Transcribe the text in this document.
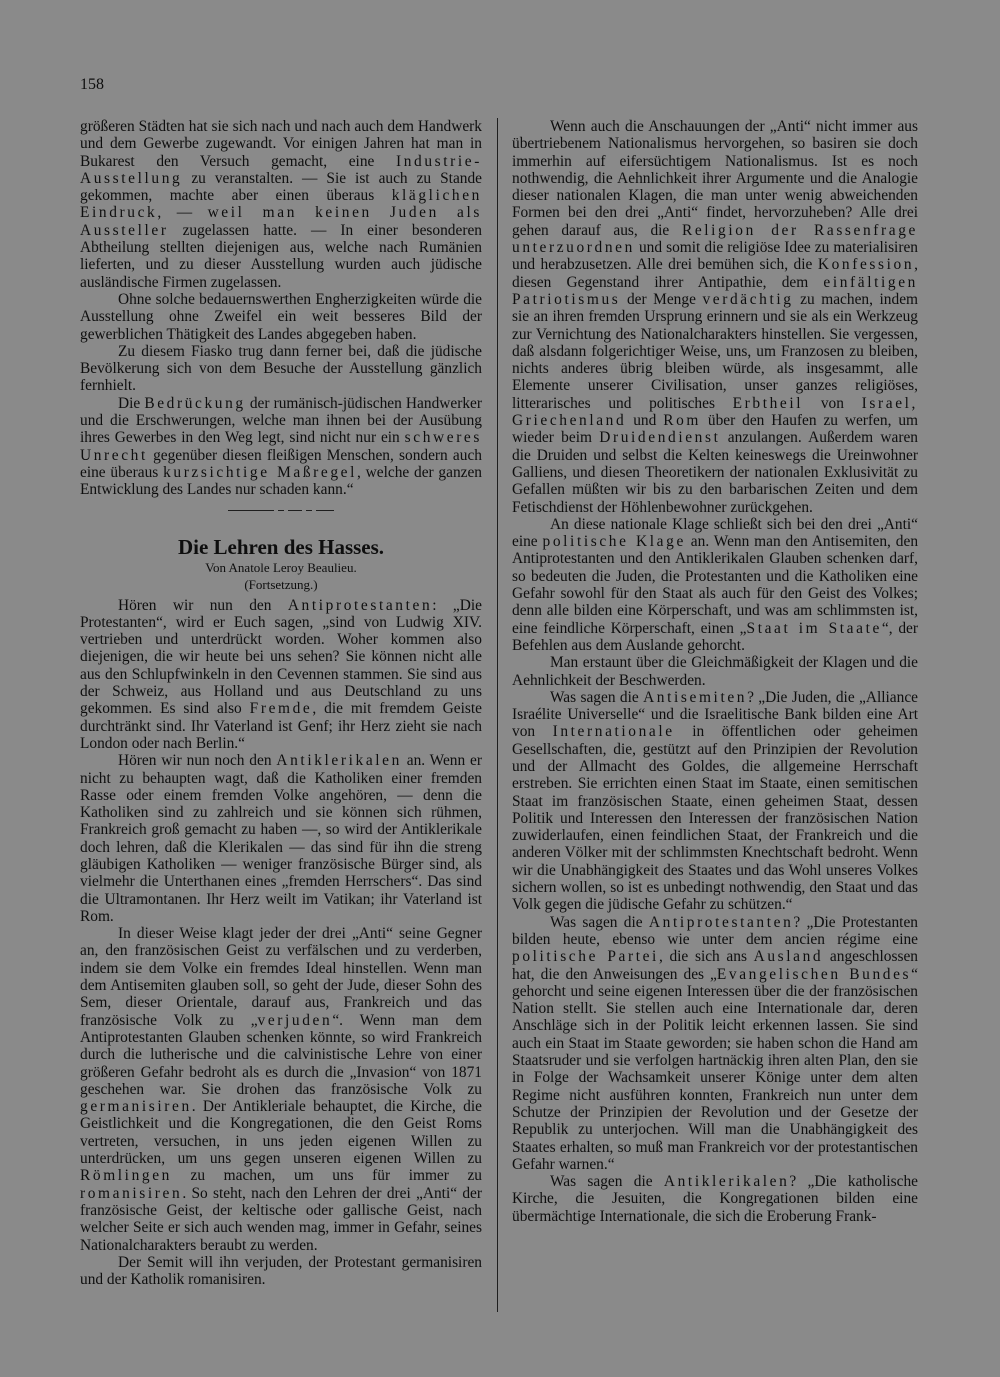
158

größeren Städten hat sie sich nach und nach auch dem Handwerk und dem Gewerbe zugewandt. Vor einigen Jahren hat man in Bukarest den Versuch gemacht, eine Industrie-Ausstellung zu veranstalten. — Sie ist auch zu Stande gekommen, machte aber einen überaus kläglichen Eindruck, — weil man keinen Juden als Aussteller zugelassen hatte. — In einer besonderen Abtheilung stellten diejenigen aus, welche nach Rumänien lieferten, und zu dieser Ausstellung wurden auch jüdische ausländische Firmen zugelassen.

Ohne solche bedauernswerthen Engherzigkeiten würde die Ausstellung ohne Zweifel ein weit besseres Bild der gewerblichen Thätigkeit des Landes abgegeben haben.

Zu diesem Fiasko trug dann ferner bei, daß die jüdische Bevölkerung sich von dem Besuche der Ausstellung gänzlich fernhielt.

Die Bedrückung der rumänisch-jüdischen Handwerker und die Erschwerungen, welche man ihnen bei der Ausübung ihres Gewerbes in den Weg legt, sind nicht nur ein schweres Unrecht gegenüber diesen fleißigen Menschen, sondern auch eine überaus kurzsichtige Maßregel, welche der ganzen Entwicklung des Landes nur schaden kann.“

Die Lehren des Hasses.

Von Anatole Leroy Beaulieu.

(Fortsetzung.)

Hören wir nun den Antiprotestanten: „Die Protestanten“, wird er Euch sagen, „sind von Ludwig XIV. vertrieben und unterdrückt worden. Woher kommen also diejenigen, die wir heute bei uns sehen? Sie können nicht alle aus den Schlupfwinkeln in den Cevennen stammen. Sie sind aus der Schweiz, aus Holland und aus Deutschland zu uns gekommen. Es sind also Fremde, die mit fremdem Geiste durchtränkt sind. Ihr Vaterland ist Genf; ihr Herz zieht sie nach London oder nach Berlin.“

Hören wir nun noch den Antiklerikalen an. Wenn er nicht zu behaupten wagt, daß die Katholiken einer fremden Rasse oder einem fremden Volke angehören, — denn die Katholiken sind zu zahlreich und sie können sich rühmen, Frankreich groß gemacht zu haben —, so wird der Antiklerikale doch lehren, daß die Klerikalen — das sind für ihn die streng gläubigen Katholiken — weniger französische Bürger sind, als vielmehr die Unterthanen eines „fremden Herrschers“. Das sind die Ultramontanen. Ihr Herz weilt im Vatikan; ihr Vaterland ist Rom.

In dieser Weise klagt jeder der drei „Anti“ seine Gegner an, den französischen Geist zu verfälschen und zu verderben, indem sie dem Volke ein fremdes Ideal hinstellen. Wenn man dem Antisemiten glauben soll, so geht der Jude, dieser Sohn des Sem, dieser Orientale, darauf aus, Frankreich und das französische Volk zu „verjuden“. Wenn man dem Antiprotestanten Glauben schenken könnte, so wird Frankreich durch die lutherische und die calvinistische Lehre von einer größeren Gefahr bedroht als es durch die „Invasion“ von 1871 geschehen war. Sie drohen das französische Volk zu germanisiren. Der Antikleriale behauptet, die Kirche, die Geistlichkeit und die Kongregationen, die den Geist Roms vertreten, versuchen, in uns jeden eigenen Willen zu unterdrücken, um uns gegen unseren eigenen Willen zu Römlingen zu machen, um uns für immer zu romanisiren. So steht, nach den Lehren der drei „Anti“ der französische Geist, der keltische oder gallische Geist, nach welcher Seite er sich auch wenden mag, immer in Gefahr, seines Nationalcharakters beraubt zu werden.

Der Semit will ihn verjuden, der Protestant germanisiren und der Katholik romanisiren.

Wenn auch die Anschauungen der „Anti“ nicht immer aus übertriebenem Nationalismus hervorgehen, so basiren sie doch immerhin auf eifersüchtigem Nationalismus. Ist es noch nothwendig, die Aehnlichkeit ihrer Argumente und die Analogie dieser nationalen Klagen, die man unter wenig abweichenden Formen bei den drei „Anti“ findet, hervorzuheben? Alle drei gehen darauf aus, die Religion der Rassenfrage unterzuordnen und somit die religiöse Idee zu materialisiren und herabzusetzen. Alle drei bemühen sich, die Konfession, diesen Gegenstand ihrer Antipathie, dem einfältigen Patriotismus der Menge verdächtig zu machen, indem sie an ihren fremden Ursprung erinnern und sie als ein Werkzeug zur Vernichtung des Nationalcharakters hinstellen. Sie vergessen, daß alsdann folgerichtiger Weise, uns, um Franzosen zu bleiben, nichts anderes übrig bleiben würde, als insgesammt, alle Elemente unserer Civilisation, unser ganzes religiöses, litterarisches und politisches Erbtheil von Israel, Griechenland und Rom über den Haufen zu werfen, um wieder beim Druidendienst anzulangen. Außerdem waren die Druiden und selbst die Kelten keineswegs die Ureinwohner Galliens, und diesen Theoretikern der nationalen Exklusivität zu Gefallen müßten wir bis zu den barbarischen Zeiten und dem Fetischdienst der Höhlenbewohner zurückgehen.

An diese nationale Klage schließt sich bei den drei „Anti“ eine politische Klage an. Wenn man den Antisemiten, den Antiprotestanten und den Antiklerikalen Glauben schenken darf, so bedeuten die Juden, die Protestanten und die Katholiken eine Gefahr sowohl für den Staat als auch für den Geist des Volkes; denn alle bilden eine Körperschaft, und was am schlimmsten ist, eine feindliche Körperschaft, einen „Staat im Staate“, der Befehlen aus dem Auslande gehorcht.

Man erstaunt über die Gleichmäßigkeit der Klagen und die Aehnlichkeit der Beschwerden.

Was sagen die Antisemiten? „Die Juden, die „Alliance Israélite Universelle“ und die Israelitische Bank bilden eine Art von Internationale in öffentlichen oder geheimen Gesellschaften, die, gestützt auf den Prinzipien der Revolution und der Allmacht des Goldes, die allgemeine Herrschaft erstreben. Sie errichten einen Staat im Staate, einen semitischen Staat im französischen Staate, einen geheimen Staat, dessen Politik und Interessen den Interessen der französischen Nation zuwiderlaufen, einen feindlichen Staat, der Frankreich und die anderen Völker mit der schlimmsten Knechtschaft bedroht. Wenn wir die Unabhängigkeit des Staates und das Wohl unseres Volkes sichern wollen, so ist es unbedingt nothwendig, den Staat und das Volk gegen die jüdische Gefahr zu schützen.“

Was sagen die Antiprotestanten? „Die Protestanten bilden heute, ebenso wie unter dem ancien régime eine politische Partei, die sich ans Ausland angeschlossen hat, die den Anweisungen des „Evangelischen Bundes“ gehorcht und seine eigenen Interessen über die der französischen Nation stellt. Sie stellen auch eine Internationale dar, deren Anschläge sich in der Politik leicht erkennen lassen. Sie sind auch ein Staat im Staate geworden; sie haben schon die Hand am Staatsruder und sie verfolgen hartnäckig ihren alten Plan, den sie in Folge der Wachsamkeit unserer Könige unter dem alten Regime nicht ausführen konnten, Frankreich nun unter dem Schutze der Prinzipien der Revolution und der Gesetze der Republik zu unterjochen. Will man die Unabhängigkeit des Staates erhalten, so muß man Frankreich vor der protestantischen Gefahr warnen.“

Was sagen die Antiklerikalen? „Die katholische Kirche, die Jesuiten, die Kongregationen bilden eine übermächtige Internationale, die sich die Eroberung Frank-
